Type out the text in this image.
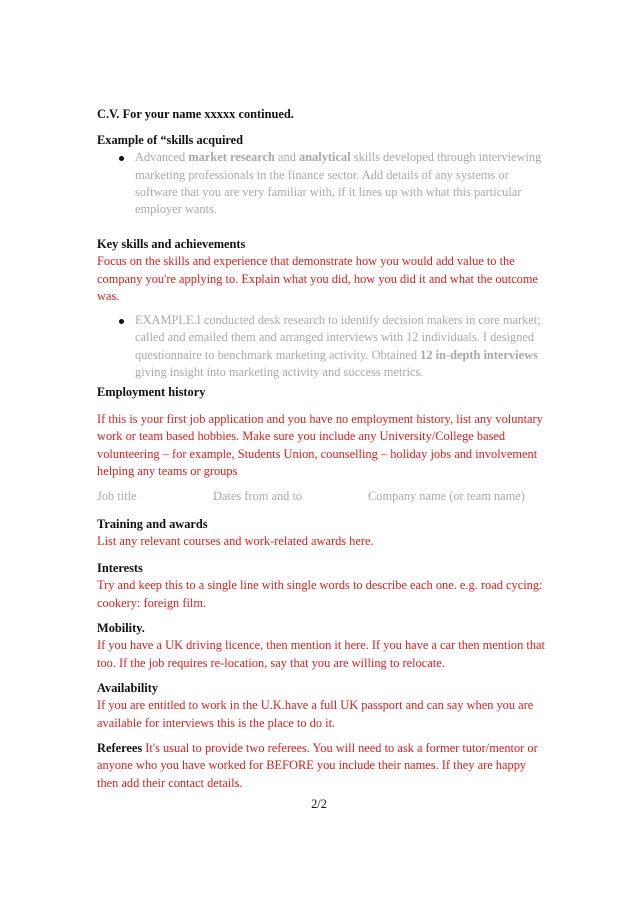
C.V. For your name xxxxx continued.
Example of “skills acquired
Advanced market research and analytical skills developed through interviewing marketing professionals in the finance sector. Add details of any systems or software that you are very familiar with, if it lines up with what this particular employer wants.
Key skills and achievements
Focus on the skills and experience that demonstrate how you would add value to the company you're applying to. Explain what you did, how you did it and what the outcome was.
EXAMPLE.I conducted desk research to identify decision makers in core market; called and emailed them and arranged interviews with 12 individuals. I designed questionnaire to benchmark marketing activity. Obtained 12 in-depth interviews giving insight into marketing activity and success metrics.
Employment history
If this is your first job application and you have no employment history, list any voluntary work or team based hobbies. Make sure you include any University/College based volunteering – for example, Students Union, counselling – holiday jobs and involvement helping any teams or groups
Job title	Dates from and to	Company name (or team name)
Training and awards
List any relevant courses and work-related awards here.
Interests
Try and keep this to a single line with single words to describe each one. e.g. road cycing: cookery: foreign film.
Mobility.
If you have a UK driving licence, then mention it here. If you have a car then mention that too. If the job requires re-location, say that you are willing to relocate.
Availability
If you are entitled to work in the U.K.have a full UK passport and can say when you are available for interviews this is the place to do it.
Referees It's usual to provide two referees. You will need to ask a former tutor/mentor or anyone who you have worked for BEFORE you include their names. If they are happy then add their contact details.
2/2
